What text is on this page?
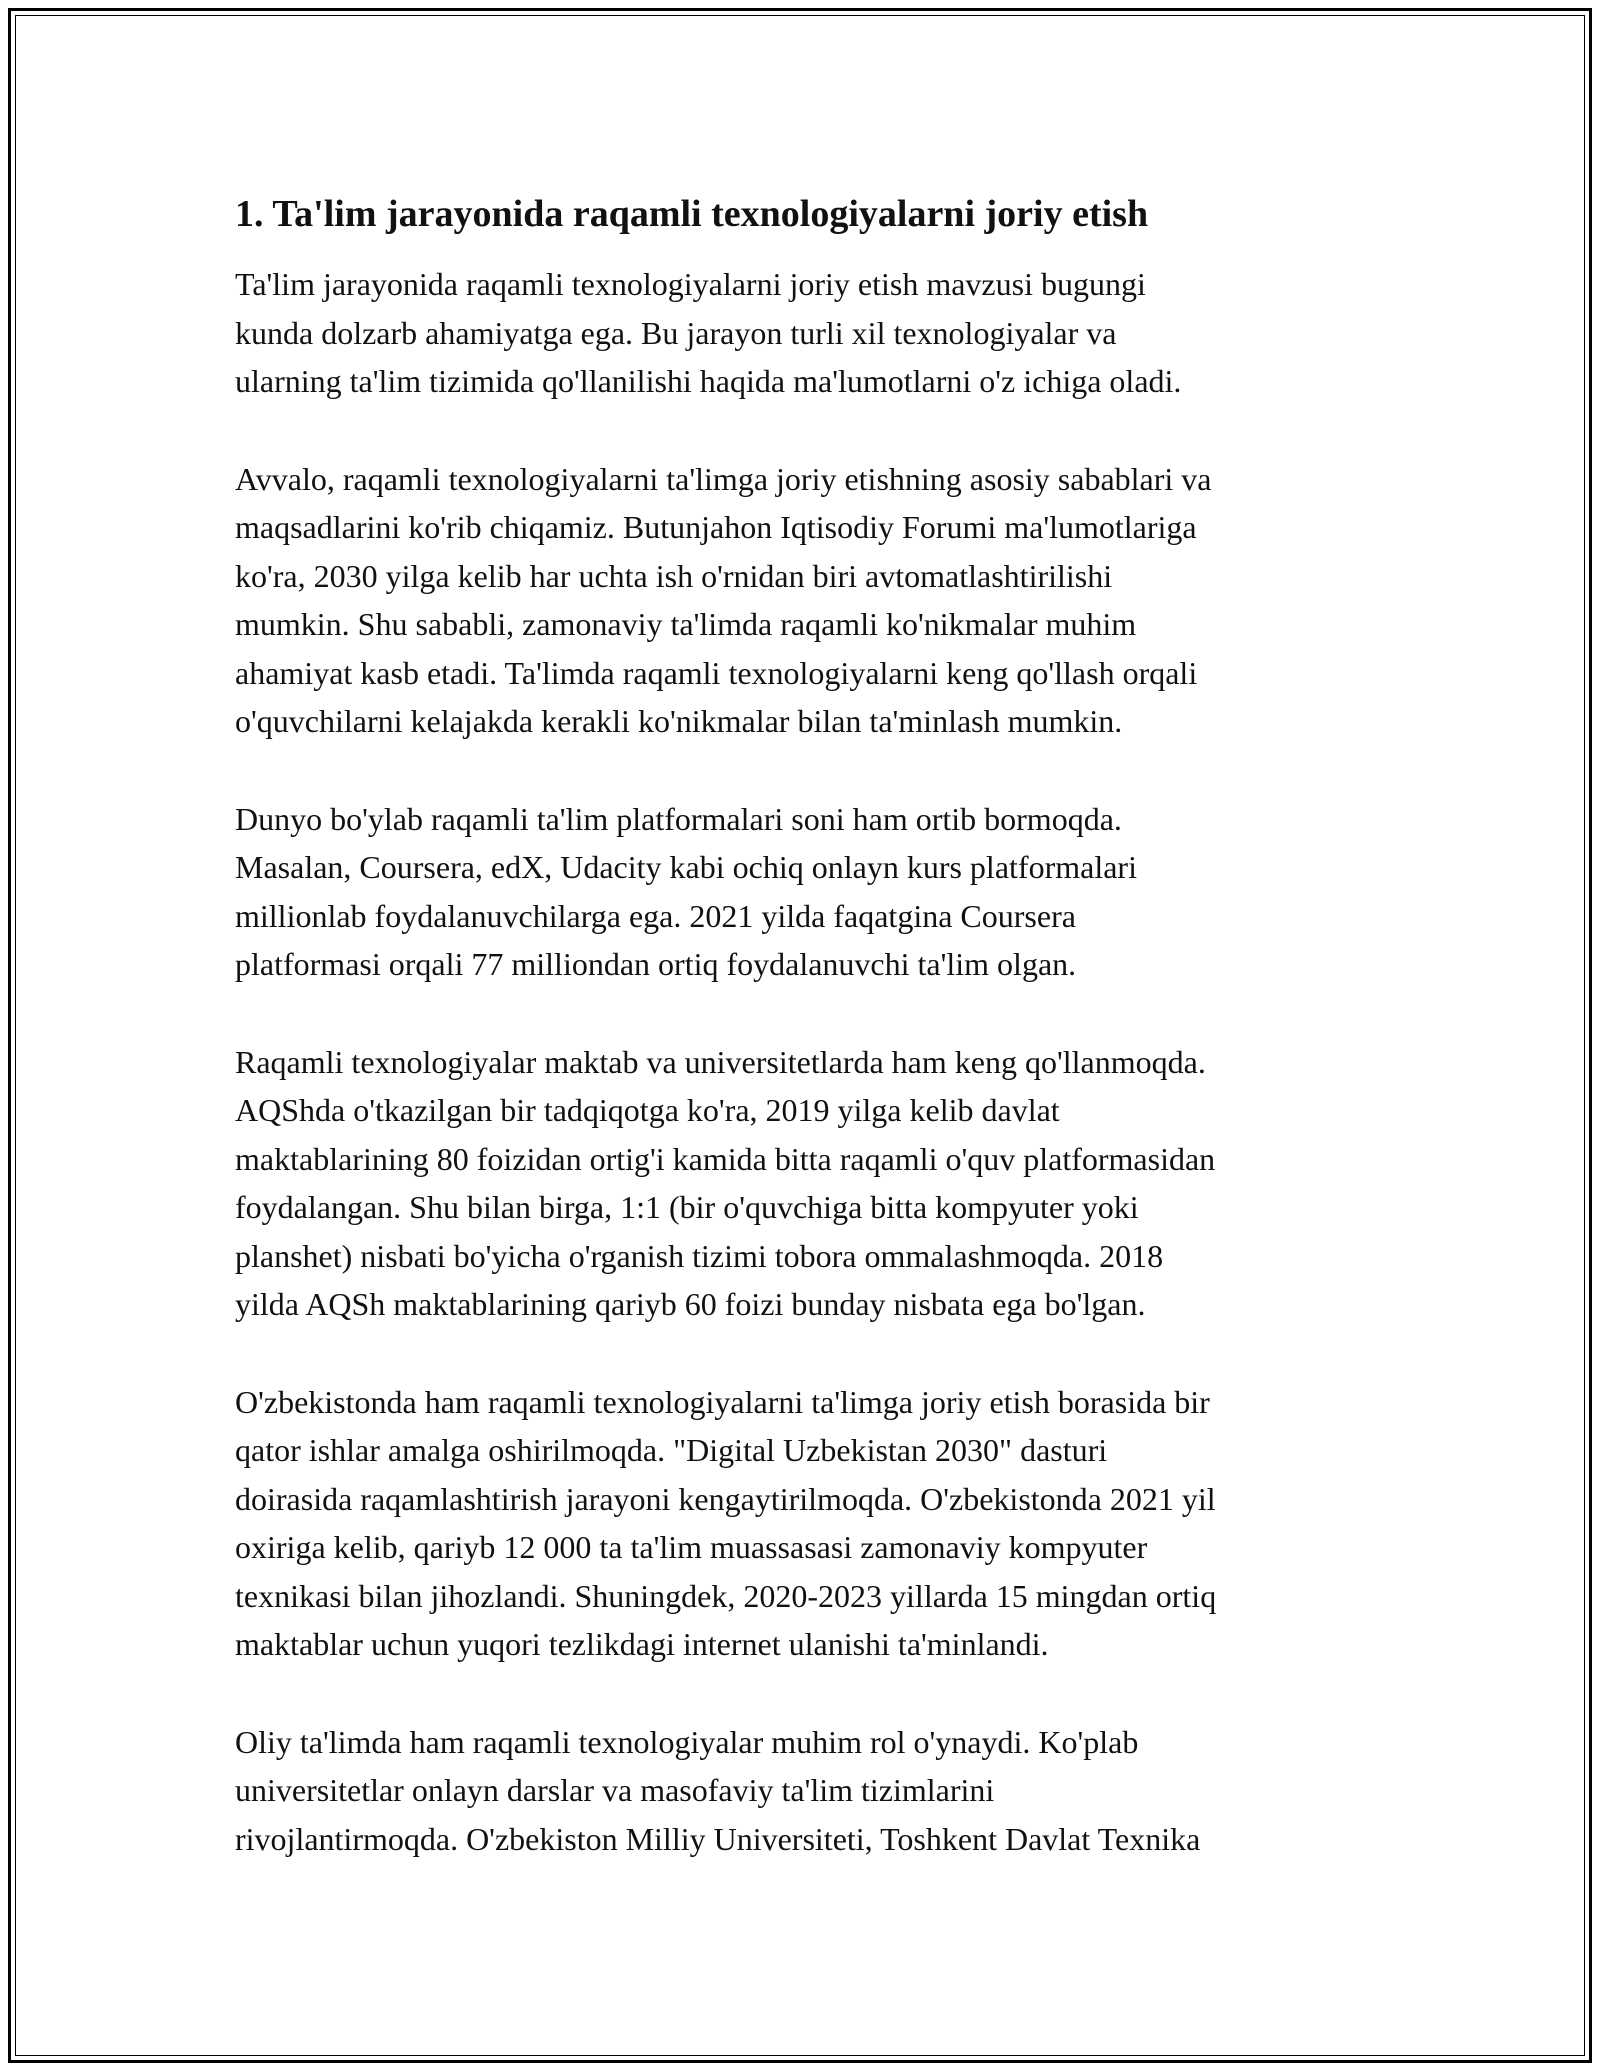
1. Ta'lim jarayonida raqamli texnologiyalarni joriy etish

Ta'lim jarayonida raqamli texnologiyalarni joriy etish mavzusi bugungi
kunda dolzarb ahamiyatga ega. Bu jarayon turli xil texnologiyalar va
ularning ta'lim tizimida qo'llanilishi haqida ma'lumotlarni o'z ichiga oladi.

Avvalo, raqamli texnologiyalarni ta'limga joriy etishning asosiy sabablari va
maqsadlarini ko'rib chiqamiz. Butunjahon Iqtisodiy Forumi ma'lumotlariga
ko'ra, 2030 yilga kelib har uchta ish o'rnidan biri avtomatlashtirilishi
mumkin. Shu sababli, zamonaviy ta'limda raqamli ko'nikmalar muhim
ahamiyat kasb etadi. Ta'limda raqamli texnologiyalarni keng qo'llash orqali
o'quvchilarni kelajakda kerakli ko'nikmalar bilan ta'minlash mumkin.

Dunyo bo'ylab raqamli ta'lim platformalari soni ham ortib bormoqda.
Masalan, Coursera, edX, Udacity kabi ochiq onlayn kurs platformalari
millionlab foydalanuvchilarga ega. 2021 yilda faqatgina Coursera
platformasi orqali 77 milliondan ortiq foydalanuvchi ta'lim olgan.

Raqamli texnologiyalar maktab va universitetlarda ham keng qo'llanmoqda.
AQShda o'tkazilgan bir tadqiqotga ko'ra, 2019 yilga kelib davlat
maktablarining 80 foizidan ortig'i kamida bitta raqamli o'quv platformasidan
foydalangan. Shu bilan birga, 1:1 (bir o'quvchiga bitta kompyuter yoki
planshet) nisbati bo'yicha o'rganish tizimi tobora ommalashmoqda. 2018
yilda AQSh maktablarining qariyb 60 foizi bunday nisbata ega bo'lgan.

O'zbekistonda ham raqamli texnologiyalarni ta'limga joriy etish borasida bir
qator ishlar amalga oshirilmoqda. "Digital Uzbekistan 2030" dasturi
doirasida raqamlashtirish jarayoni kengaytirilmoqda. O'zbekistonda 2021 yil
oxiriga kelib, qariyb 12 000 ta ta'lim muassasasi zamonaviy kompyuter
texnikasi bilan jihozlandi. Shuningdek, 2020-2023 yillarda 15 mingdan ortiq
maktablar uchun yuqori tezlikdagi internet ulanishi ta'minlandi.

Oliy ta'limda ham raqamli texnologiyalar muhim rol o'ynaydi. Ko'plab
universitetlar onlayn darslar va masofaviy ta'lim tizimlarini
rivojlantirmoqda. O'zbekiston Milliy Universiteti, Toshkent Davlat Texnika
